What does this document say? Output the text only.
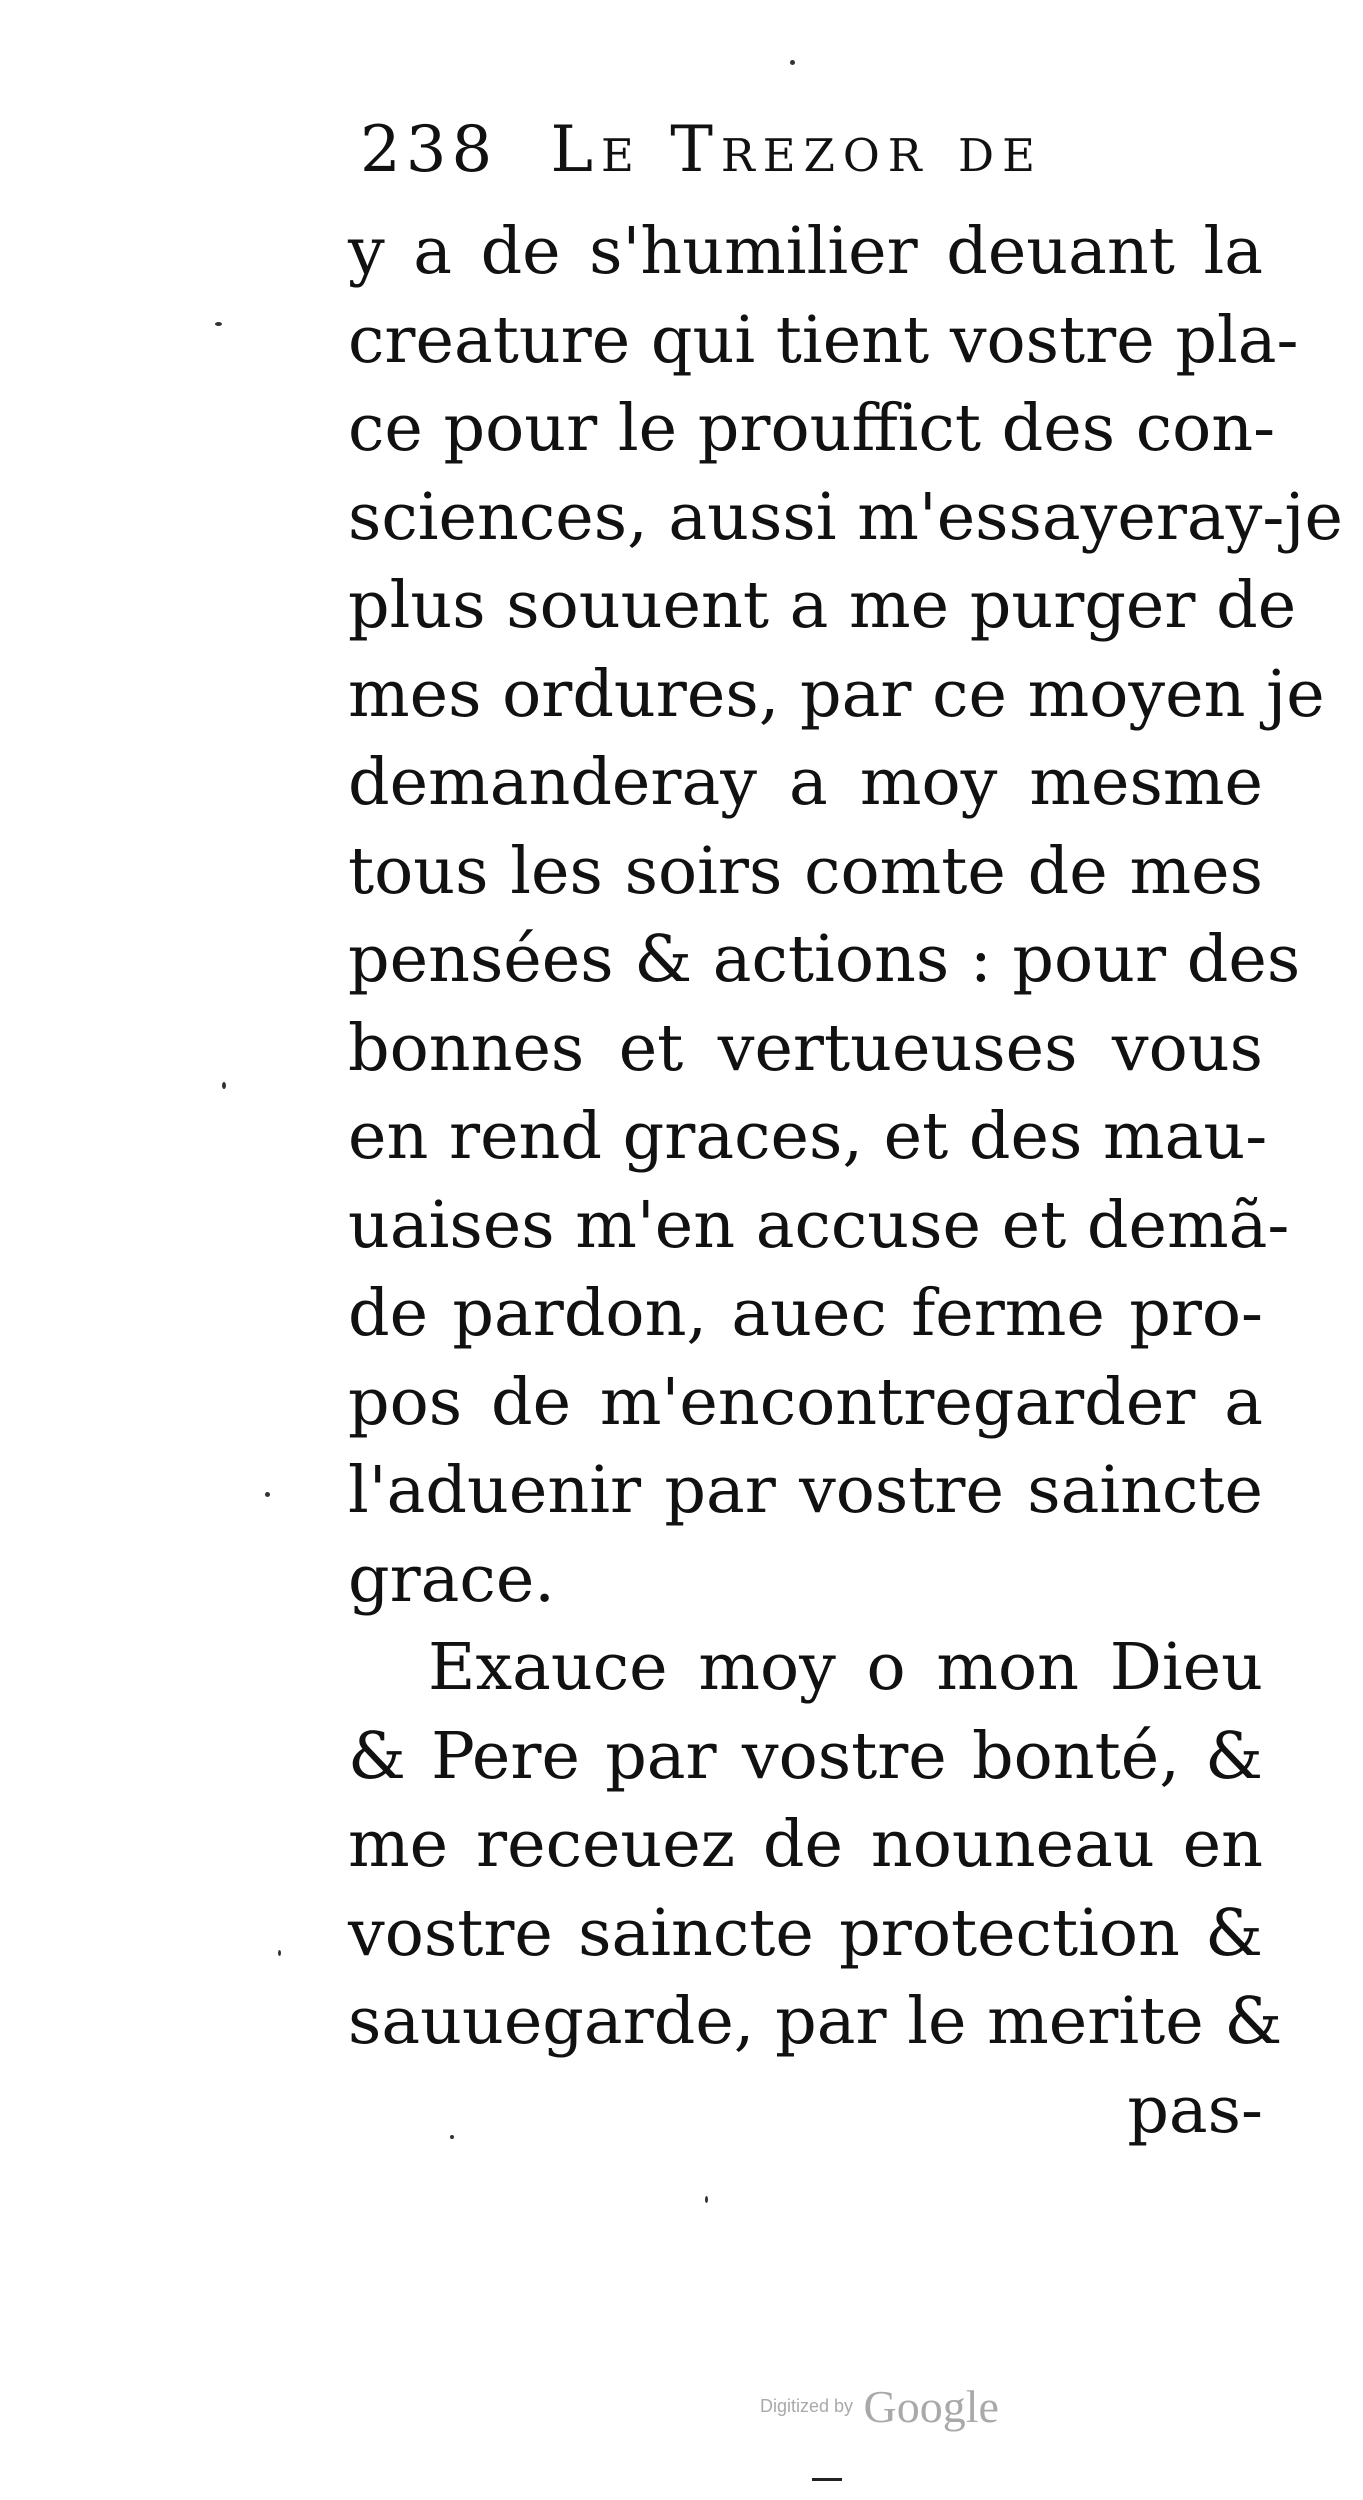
238 Le Trezor de
y a de s'humilier deuant la
creature qui tient vostre pla-
ce pour le prouffict des con-
sciences, aussi m'essayeray-je
plus souuent a me purger de
mes ordures, par ce moyen je
demanderay a moy mesme
tous les soirs comte de mes
pensées & actions : pour des
bonnes et vertueuses vous
en rend graces, et des mau-
uaises m'en accuse et demã-
de pardon, auec ferme pro-
pos de m'encontregarder a
l'aduenir par vostre saincte
grace.
Exauce moy o mon Dieu
& Pere par vostre bonté, &
me receuez de nouneau en
vostre saincte protection &
sauuegarde, par le merite &
pas-
Digitized by Google
